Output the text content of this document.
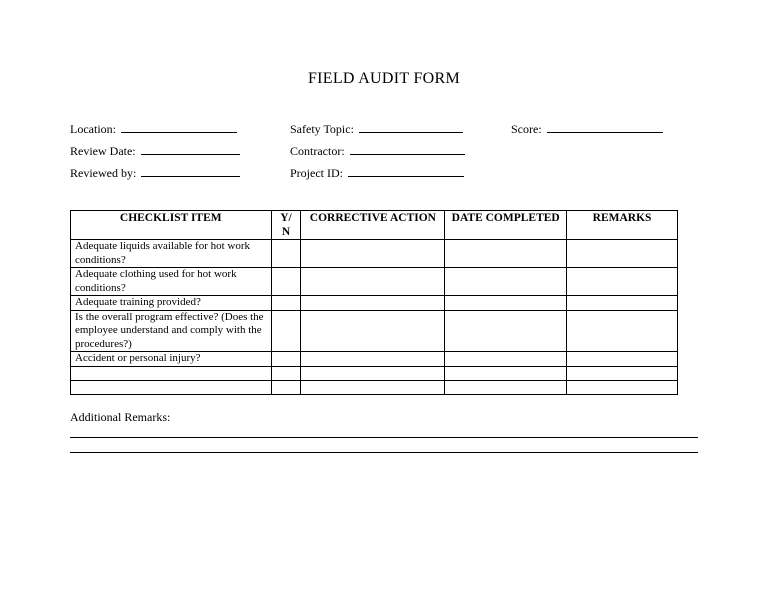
FIELD AUDIT FORM
Location:	Safety Topic:	Score:
Review Date:	Contractor:
Reviewed by:	Project ID:
CHECKLIST ITEM	Y/ N	CORRECTIVE ACTION	DATE COMPLETED	REMARKS
Adequate liquids available for hot work conditions?				
Adequate clothing used for hot work conditions?				
Adequate training provided?				
Is the overall program effective? (Does the employee understand and comply with the procedures?)				
Accident or personal injury?				

Additional Remarks:
